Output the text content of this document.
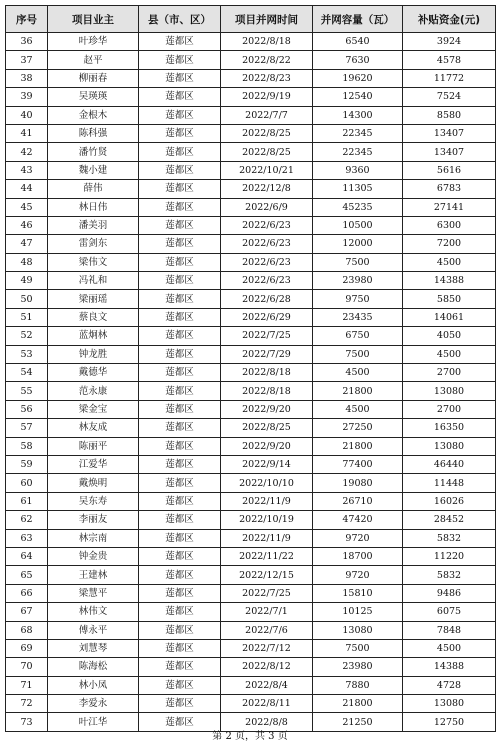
序号	项目业主	县（市、区）	项目并网时间	并网容量（瓦）	补贴资金(元)
36	叶珍华	莲都区	2022/8/18	6540	3924
37	赵平	莲都区	2022/8/22	7630	4578
38	柳丽春	莲都区	2022/8/23	19620	11772
39	吴瑛瑛	莲都区	2022/9/19	12540	7524
40	金根木	莲都区	2022/7/7	14300	8580
41	陈科强	莲都区	2022/8/25	22345	13407
42	潘竹贤	莲都区	2022/8/25	22345	13407
43	魏小建	莲都区	2022/10/21	9360	5616
44	薛伟	莲都区	2022/12/8	11305	6783
45	林日伟	莲都区	2022/6/9	45235	27141
46	潘美羽	莲都区	2022/6/23	10500	6300
47	雷剑东	莲都区	2022/6/23	12000	7200
48	梁伟文	莲都区	2022/6/23	7500	4500
49	冯礼和	莲都区	2022/6/23	23980	14388
50	梁丽瑶	莲都区	2022/6/28	9750	5850
51	蔡良文	莲都区	2022/6/29	23435	14061
52	蓝炯林	莲都区	2022/7/25	6750	4050
53	钟龙胜	莲都区	2022/7/29	7500	4500
54	戴德华	莲都区	2022/8/18	4500	2700
55	范永康	莲都区	2022/8/18	21800	13080
56	梁金宝	莲都区	2022/9/20	4500	2700
57	林友成	莲都区	2022/8/25	27250	16350
58	陈丽平	莲都区	2022/9/20	21800	13080
59	江爱华	莲都区	2022/9/14	77400	46440
60	戴焕明	莲都区	2022/10/10	19080	11448
61	吴东寿	莲都区	2022/11/9	26710	16026
62	李丽友	莲都区	2022/10/19	47420	28452
63	林宗南	莲都区	2022/11/9	9720	5832
64	钟金贵	莲都区	2022/11/22	18700	11220
65	王建林	莲都区	2022/12/15	9720	5832
66	梁慧平	莲都区	2022/7/25	15810	9486
67	林伟文	莲都区	2022/7/1	10125	6075
68	傅永平	莲都区	2022/7/6	13080	7848
69	刘慧琴	莲都区	2022/7/12	7500	4500
70	陈海松	莲都区	2022/8/12	23980	14388
71	林小凤	莲都区	2022/8/4	7880	4728
72	李爱永	莲都区	2022/8/11	21800	13080
73	叶江华	莲都区	2022/8/8	21250	12750
第 2 页，共 3 页
